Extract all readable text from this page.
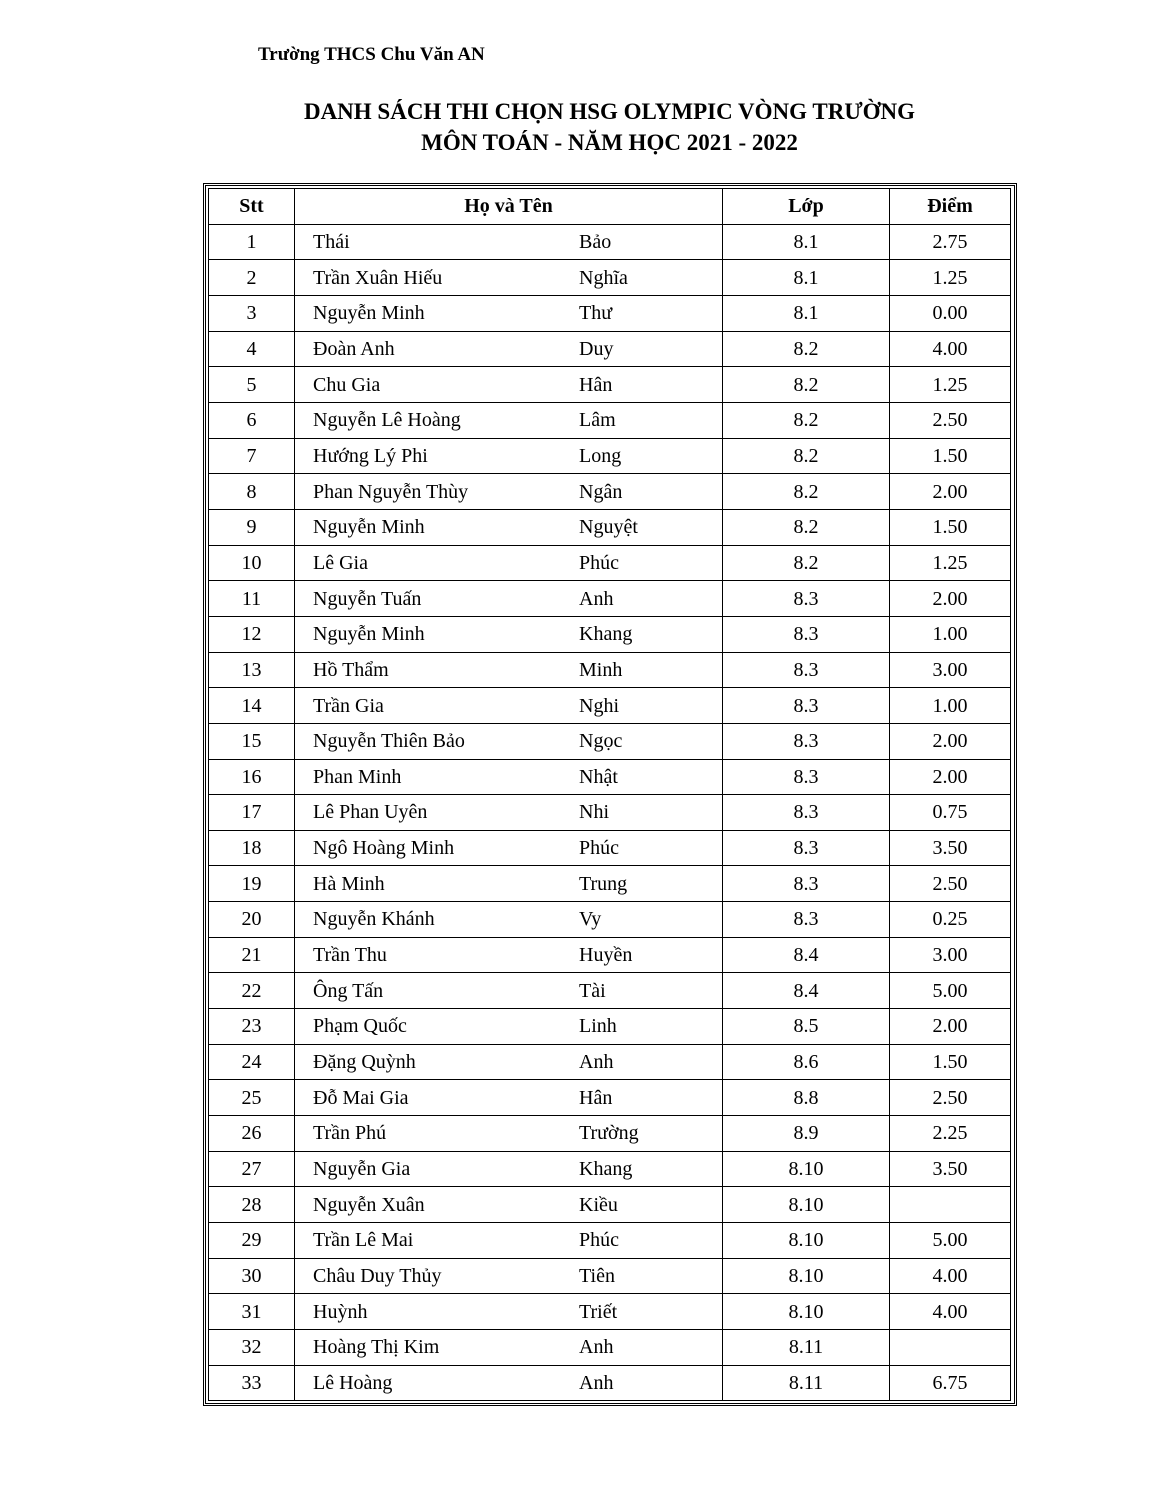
Trường THCS Chu Văn AN
DANH SÁCH THI CHỌN HSG OLYMPIC VÒNG TRƯỜNG
MÔN TOÁN - NĂM HỌC 2021 - 2022
Stt	Họ và Tên	Lớp	Điểm
1	Thái Bảo	8.1	2.75
2	Trần Xuân Hiếu Nghĩa	8.1	1.25
3	Nguyễn Minh Thư	8.1	0.00
4	Đoàn Anh Duy	8.2	4.00
5	Chu Gia Hân	8.2	1.25
6	Nguyễn Lê Hoàng Lâm	8.2	2.50
7	Hướng Lý Phi Long	8.2	1.50
8	Phan Nguyễn Thùy Ngân	8.2	2.00
9	Nguyễn Minh Nguyệt	8.2	1.50
10	Lê Gia Phúc	8.2	1.25
11	Nguyễn Tuấn Anh	8.3	2.00
12	Nguyễn Minh Khang	8.3	1.00
13	Hồ Thẩm Minh	8.3	3.00
14	Trần Gia Nghi	8.3	1.00
15	Nguyễn Thiên Bảo Ngọc	8.3	2.00
16	Phan Minh Nhật	8.3	2.00
17	Lê Phan Uyên Nhi	8.3	0.75
18	Ngô Hoàng Minh Phúc	8.3	3.50
19	Hà Minh Trung	8.3	2.50
20	Nguyễn Khánh Vy	8.3	0.25
21	Trần Thu Huyền	8.4	3.00
22	Ông Tấn Tài	8.4	5.00
23	Phạm Quốc Linh	8.5	2.00
24	Đặng Quỳnh Anh	8.6	1.50
25	Đỗ Mai Gia Hân	8.8	2.50
26	Trần Phú Trường	8.9	2.25
27	Nguyễn Gia Khang	8.10	3.50
28	Nguyễn Xuân Kiều	8.10	
29	Trần Lê Mai Phúc	8.10	5.00
30	Châu Duy Thủy Tiên	8.10	4.00
31	Huỳnh Triết	8.10	4.00
32	Hoàng Thị Kim Anh	8.11	
33	Lê Hoàng Anh	8.11	6.75
